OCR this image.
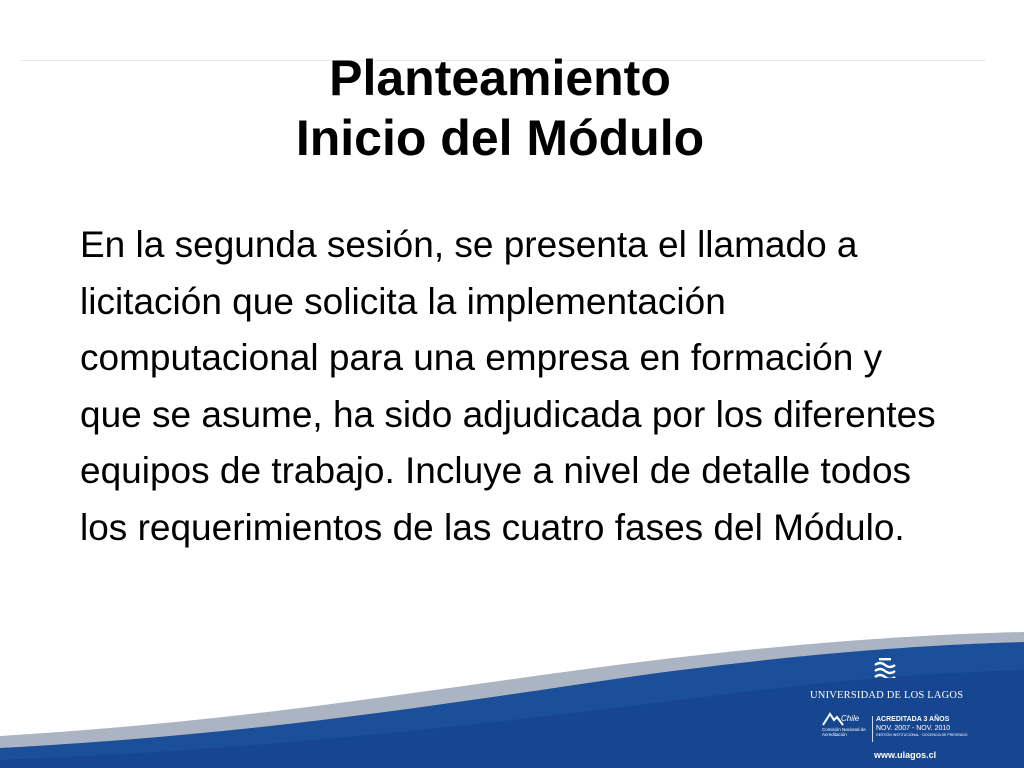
Planteamiento
Inicio del Módulo

En la segunda sesión, se presenta el llamado a licitación que solicita la implementación computacional para una empresa en formación y que se asume, ha sido adjudicada por los diferentes equipos de trabajo. Incluye a nivel de detalle todos los requerimientos de las cuatro fases del Módulo.

UNIVERSIDAD DE LOS LAGOS
Chile
Comisión Nacional de Acreditación
ACREDITADA 3 AÑOS
NOV. 2007 - NOV. 2010
GESTIÓN INSTITUCIONAL · DOCENCIA DE PREGRADO
www.ulagos.cl
